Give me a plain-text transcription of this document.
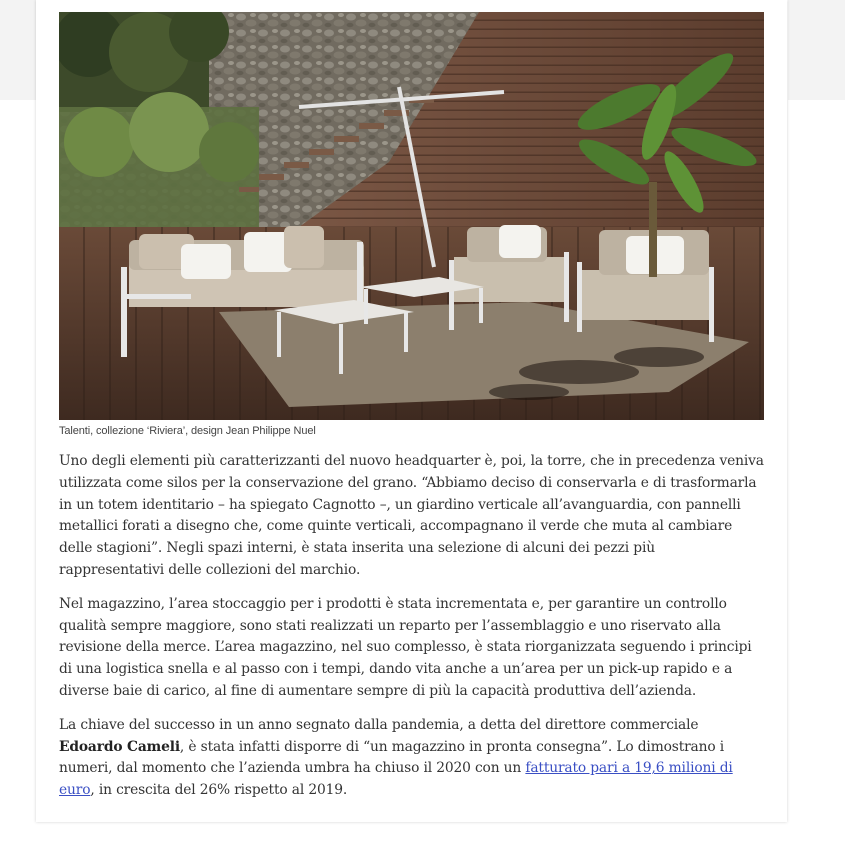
Talenti, collezione ‘Riviera’, design Jean Philippe Nuel

Uno degli elementi più caratterizzanti del nuovo headquarter è, poi, la torre, che in precedenza veniva utilizzata come silos per la conservazione del grano. “Abbiamo deciso di conservarla e di trasformarla in un totem identitario – ha spiegato Cagnotto –, un giardino verticale all’avanguardia, con pannelli metallici forati a disegno che, come quinte verticali, accompagnano il verde che muta al cambiare delle stagioni”. Negli spazi interni, è stata inserita una selezione di alcuni dei pezzi più rappresentativi delle collezioni del marchio.

Nel magazzino, l’area stoccaggio per i prodotti è stata incrementata e, per garantire un controllo qualità sempre maggiore, sono stati realizzati un reparto per l’assemblaggio e uno riservato alla revisione della merce. L’area magazzino, nel suo complesso, è stata riorganizzata seguendo i principi di una logistica snella e al passo con i tempi, dando vita anche a un’area per un pick-up rapido e a diverse baie di carico, al fine di aumentare sempre di più la capacità produttiva dell’azienda.

La chiave del successo in un anno segnato dalla pandemia, a detta del direttore commerciale Edoardo Cameli, è stata infatti disporre di “un magazzino in pronta consegna”. Lo dimostrano i numeri, dal momento che l’azienda umbra ha chiuso il 2020 con un fatturato pari a 19,6 milioni di euro, in crescita del 26% rispetto al 2019.
